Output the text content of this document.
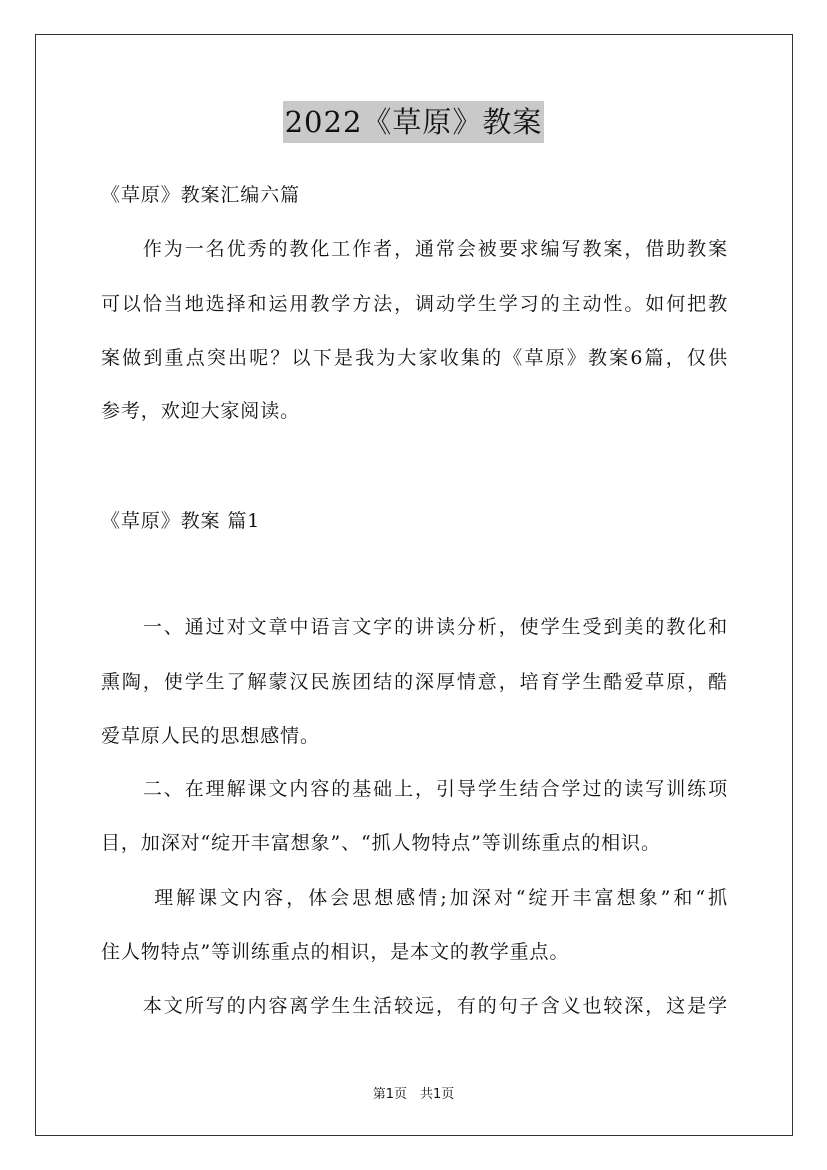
2022《草原》教案
《草原》教案汇编六篇
　　作为一名优秀的教化工作者，通常会被要求编写教案，借助教案
可以恰当地选择和运用教学方法，调动学生学习的主动性。如何把教
案做到重点突出呢？以下是我为大家收集的《草原》教案6篇，仅供
参考，欢迎大家阅读。
《草原》教案 篇1
　　一、通过对文章中语言文字的讲读分析，使学生受到美的教化和
熏陶，使学生了解蒙汉民族团结的深厚情意，培育学生酷爱草原，酷
爱草原人民的思想感情。
　　二、在理解课文内容的基础上，引导学生结合学过的读写训练项
目，加深对“绽开丰富想象”、“抓人物特点”等训练重点的相识。
　　 理解课文内容，体会思想感情;加深对“绽开丰富想象”和“抓
住人物特点”等训练重点的相识，是本文的教学重点。
　　本文所写的内容离学生生活较远，有的句子含义也较深，这是学
第1页　共1页
